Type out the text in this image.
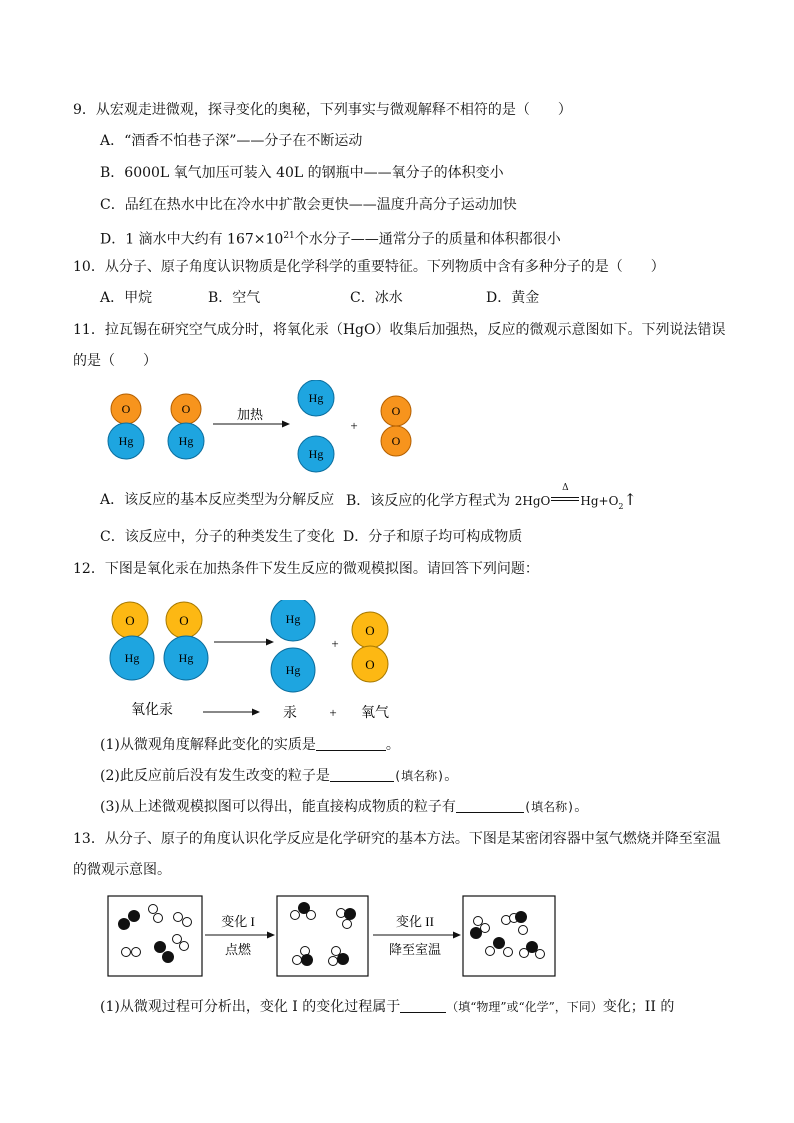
9．从宏观走进微观，探寻变化的奥秘，下列事实与微观解释不相符的是（　　）
A．“酒香不怕巷子深”——分子在不断运动
B．6000L 氧气加压可装入 40L 的钢瓶中——氧分子的体积变小
C．品红在热水中比在冷水中扩散会更快——温度升高分子运动加快
D．1 滴水中大约有 $167\times 10^{21}$个水分子——通常分子的质量和体积都很小
10．从分子、原子角度认识物质是化学科学的重要特征。下列物质中含有多种分子的是（　　）
A．甲烷	B．空气	C．冰水	D．黄金
11．拉瓦锡在研究空气成分时，将氧化汞（HgO）收集后加强热，反应的微观示意图如下。下列说法错误
的是（　　）
O
Hg
O
Hg
加热
Hg
Hg
+
O
O
A．该反应的基本反应类型为分解反应 B．该反应的化学方程式为 2HgO
Δ
$Hg+O_2↑$
C．该反应中，分子的种类发生了变化 D．分子和原子均可构成物质
12．下图是氧化汞在加热条件下发生反应的微观模拟图。请回答下列问题：
O
Hg
O
Hg
Hg
Hg
+
O
O
氧化汞	汞 + 氧气
(1)从微观角度解释此变化的实质是	。
(2)此反应前后没有发生改变的粒子是	(填名称)。
(3)从上述微观模拟图可以得出，能直接构成物质的粒子有	(填名称)。
13．从分子、原子的角度认识化学反应是化学研究的基本方法。下图是某密闭容器中氢气燃烧并降至室温
的微观示意图。
变化 I
点燃
变化 II
降至室温
(1)从微观过程可分析出，变化 I 的变化过程属于	（填“物理”或“化学”，下同）变化；II 的
